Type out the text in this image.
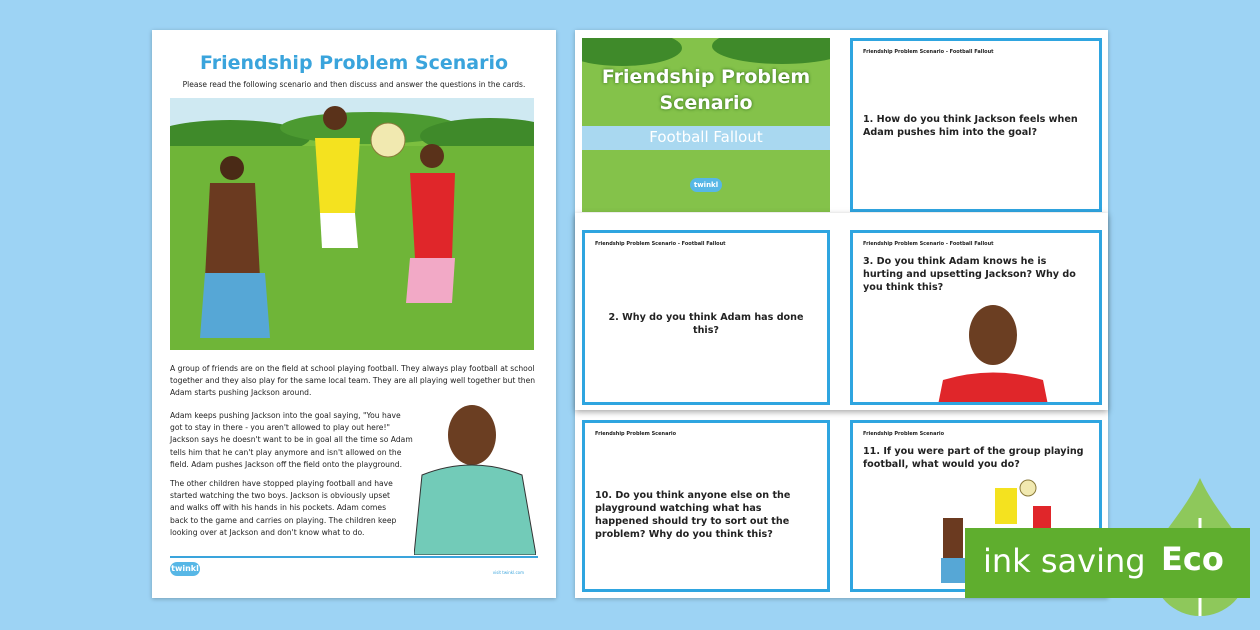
Friendship Problem Scenario
Please read the following scenario and then discuss and answer the questions in the cards.
A group of friends are on the field at school playing football. They always play football at school together and they also play for the same local team. They are all playing well together but then Adam starts pushing Jackson around.
Adam keeps pushing Jackson into the goal saying, "You have got to stay in there - you aren't allowed to play out here!" Jackson says he doesn't want to be in goal all the time so Adam tells him that he can't play anymore and isn't allowed on the field. Adam pushes Jackson off the field onto the playground.
The other children have stopped playing football and have started watching the two boys. Jackson is obviously upset and walks off with his hands in his pockets. Adam comes back to the game and carries on playing. The children keep looking over at Jackson and don't know what to do.
twinkl	visit twinkl.com
Friendship Problem Scenario
Football Fallout
twinkl
Friendship Problem Scenario - Football Fallout
1. How do you think Jackson feels when Adam pushes him into the goal?
Friendship Problem Scenario - Football Fallout
2. Why do you think Adam has done this?
Friendship Problem Scenario - Football Fallout
3. Do you think Adam knows he is hurting and upsetting Jackson? Why do you think this?
Friendship Problem Scenario
10. Do you think anyone else on the playground watching what has happened should try to sort out the problem? Why do you think this?
Friendship Problem Scenario
11. If you were part of the group playing football, what would you do?
ink saving Eco
